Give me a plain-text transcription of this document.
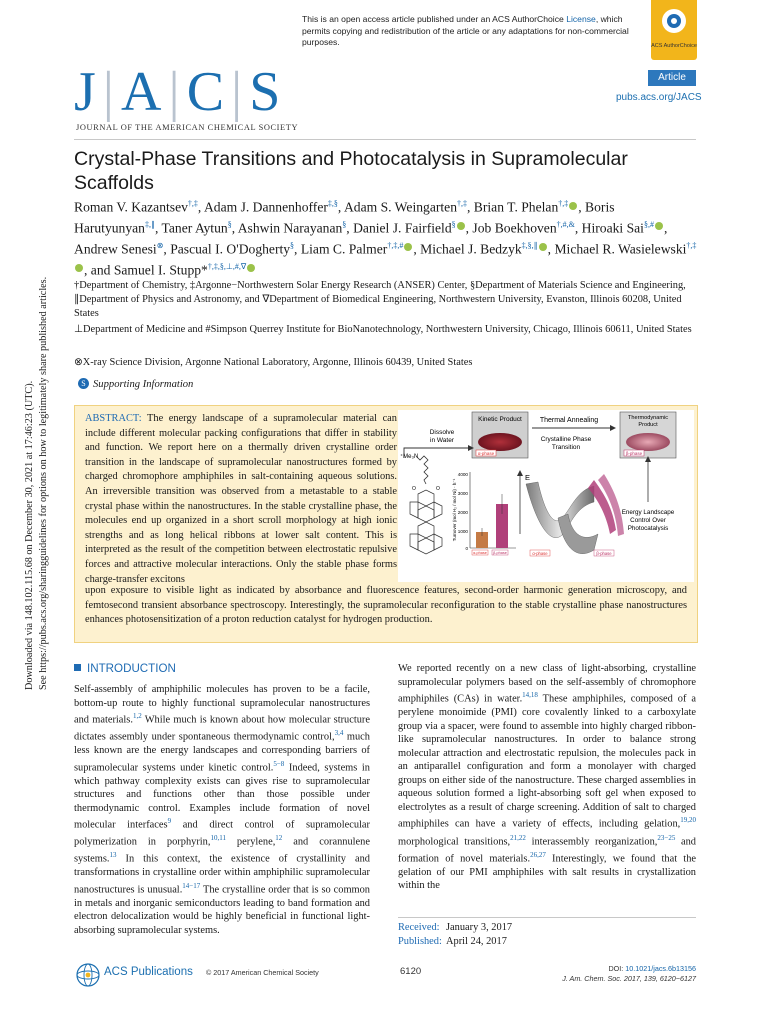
Downloaded via 148.102.115.68 on December 30, 2021 at 17:46:23 (UTC). See https://pubs.acs.org/sharingguidelines for options on how to legitimately share published articles.
This is an open access article published under an ACS AuthorChoice License, which permits copying and redistribution of the article or any adaptations for non-commercial purposes.	ACS AuthorChoice
J | A | C | S
JOURNAL OF THE AMERICAN CHEMICAL SOCIETY
Article
pubs.acs.org/JACS
Crystal-Phase Transitions and Photocatalysis in Supramolecular Scaffolds
Roman V. Kazantsev†,‡, Adam J. Dannenhoffer‡,§, Adam S. Weingarten†,‡, Brian T. Phelan†,‡ , Boris Harutyunyan‡,∥, Taner Aytun§, Ashwin Narayanan§, Daniel J. Fairfield§ , Job Boekhoven†,#,&, Hiroaki Sai§,# , Andrew Senesi⊗, Pascual I. O'Dogherty§, Liam C. Palmer†,‡,# , Michael J. Bedzyk‡,§,∥ , Michael R. Wasielewski†,‡, and Samuel I. Stupp*†,‡,§,⊥,#,∇
†Department of Chemistry, ‡Argonne−Northwestern Solar Energy Research (ANSER) Center, §Department of Materials Science and Engineering, ∥Department of Physics and Astronomy, and ∇Department of Biomedical Engineering, Northwestern University, Evanston, Illinois 60208, United States
⊥Department of Medicine and #Simpson Querrey Institute for BioNanotechnology, Northwestern University, Chicago, Illinois 60611, United States
⊗X-ray Science Division, Argonne National Laboratory, Argonne, Illinois 60439, United States
S Supporting Information
ABSTRACT: The energy landscape of a supramolecular material can include different molecular packing configurations that differ in stability and function. We report here on a thermally driven crystalline order transition in the landscape of supramolecular nanostructures formed by charged chromophore amphiphiles in salt-containing aqueous solutions. An irreversible transition was observed from a metastable to a stable crystal phase within the nanostructures. In the stable crystalline phase, the molecules end up organized in a short scroll morphology at high ionic strengths and as long helical ribbons at lower salt content. This is interpreted as the result of the competition between electrostatic repulsive forces and attractive molecular interactions. Only the stable phase forms charge-transfer excitons
upon exposure to visible light as indicated by absorbance and fluorescence features, second-order harmonic generation microscopy, and femtosecond transient absorbance spectroscopy. Interestingly, the supramolecular reconfiguration to the stable crystalline phase nanostructures enhances photosensitization of a proton reduction catalyst for hydrogen production.
Kinetic Product
α-phase
Thermal Annealing
Crystalline Phase
Transition
Thermodynamic
Product
β-phase
Dissolve
in Water
⁺Me₃N
O	O	Turnover (mol H₂ / mol Ni) · h⁻¹
4000
3000
2000
1000
0
α-phase β-phase
E
α-phase	β-phase
Energy Landscape
Control Over
Photocatalysis
INTRODUCTION
Self-assembly of amphiphilic molecules has proven to be a facile, bottom-up route to highly functional supramolecular nanostructures and materials.$^{1,2}$ While much is known about how molecular structure dictates assembly under spontaneous thermodynamic control,$^{3,4}$ much less known are the energy landscapes and corresponding barriers of supramolecular systems under kinetic control.$^{5-8}$ Indeed, systems in which pathway complexity exists can gives rise to supramolecular structures and functions other than those possible under thermodynamic control. Examples include formation of novel molecular interfaces$^9$ and direct control of supramolecular polymerization in porphyrin,$^{10,11}$ perylene,$^{12}$ and corannulene systems.$^{13}$ In this context, the existence of crystallinity and transformations in crystalline order within amphiphilic supramolecular nanostructures is unusual.$^{14-17}$ The crystalline order that is so common in metals and inorganic semiconductors leading to band formation and electron delocalization would be highly beneficial in functional light-absorbing supramolecular systems.
We reported recently on a new class of light-absorbing, crystalline supramolecular polymers based on the self-assembly of chromophore amphiphiles (CAs) in water.$^{14,18}$ These amphiphiles, composed of a perylene monoimide (PMI) core covalently linked to a carboxylate group via a spacer, were found to assemble into highly charged ribbon-like supramolecular nanostructures. In order to balance strong molecular attraction and electrostatic repulsion, the molecules pack in an antiparallel configuration and form a monolayer with charged groups on either side of the nanostructure. These charged assemblies in aqueous solution formed a light-absorbing soft gel when exposed to electrolytes as a result of charge screening. Addition of salt to charged amphiphiles can have a variety of effects, including gelation,$^{19,20}$ morphological transitions,$^{21,22}$ interassembly reorganization,$^{23-25}$ and formation of novel materials.$^{26,27}$ Interestingly, we found that the gelation of our PMI amphiphiles with salt results in crystallization within the
Received: January 3, 2017
Published: April 24, 2017
ACS Publications © 2017 American Chemical Society	6120	DOI: 10.1021/jacs.6b13156
J. Am. Chem. Soc. 2017, 139, 6120−6127
